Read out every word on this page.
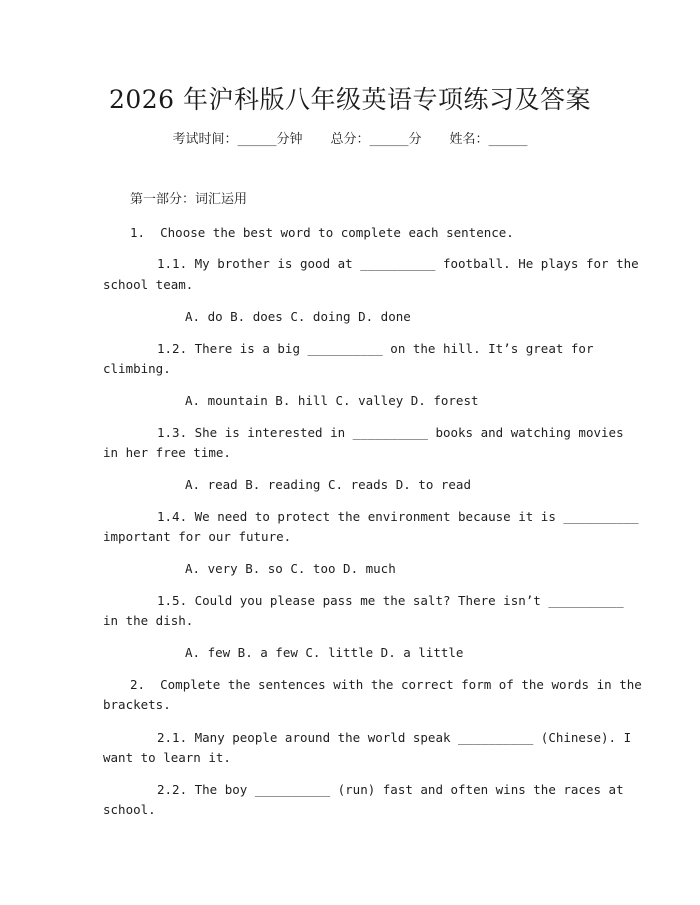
2026 年沪科版八年级英语专项练习及答案
考试时间：______分钟 总分：______分 姓名：______
第一部分：词汇运用
1. Choose the best word to complete each sentence.
1.1. My brother is good at __________ football. He plays for the
school team.
A. do B. does C. doing D. done
1.2. There is a big __________ on the hill. It’s great for
climbing.
A. mountain B. hill C. valley D. forest
1.3. She is interested in __________ books and watching movies
in her free time.
A. read B. reading C. reads D. to read
1.4. We need to protect the environment because it is __________
important for our future.
A. very B. so C. too D. much
1.5. Could you please pass me the salt? There isn’t __________
in the dish.
A. few B. a few C. little D. a little
2. Complete the sentences with the correct form of the words in the
brackets.
2.1. Many people around the world speak __________ (Chinese). I
want to learn it.
2.2. The boy __________ (run) fast and often wins the races at
school.
